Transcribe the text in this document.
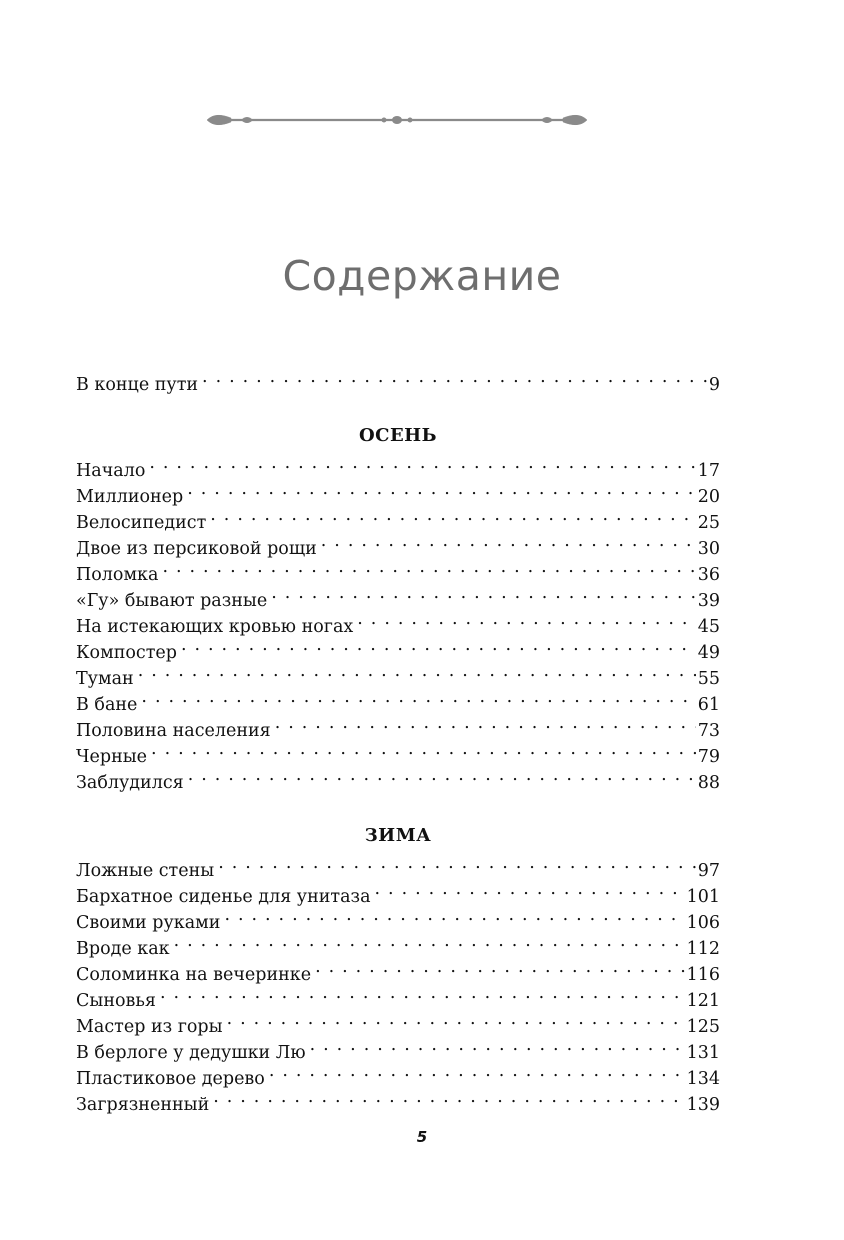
Содержание
В конце пути . . .	9
ОСЕНЬ
Начало . . .	17
Миллионер . . .	20
Велосипедист . . .	25
Двое из персиковой рощи . . .	30
Поломка . . .	36
«Гу» бывают разные . . .	39
На истекающих кровью ногах . . .	45
Компостер . . .	49
Туман . . .	55
В бане . . .	61
Половина населения . . .	73
Черные . . .	79
Заблудился . . .	88
ЗИМА
Ложные стены . . .	97
Бархатное сиденье для унитаза . . .	101
Своими руками . . .	106
Вроде как . . .	112
Соломинка на вечеринке . . .	116
Сыновья . . .	121
Мастер из горы . . .	125
В берлоге у дедушки Лю . . .	131
Пластиковое дерево . . .	134
Загрязненный . . .	139
5
